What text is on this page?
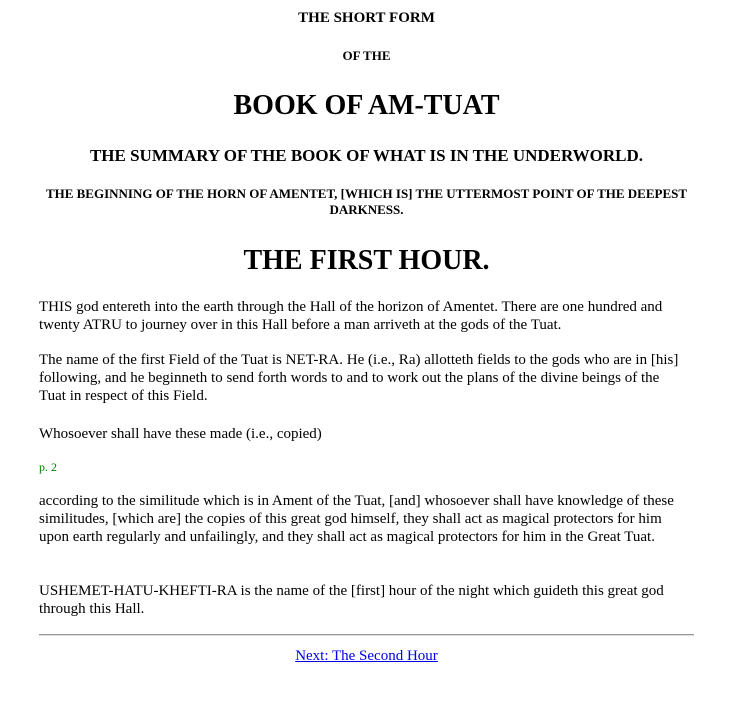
THE SHORT FORM
OF THE
BOOK OF AM-TUAT
THE SUMMARY OF THE BOOK OF WHAT IS IN THE UNDERWORLD.
THE BEGINNING OF THE HORN OF AMENTET, [WHICH IS] THE UTTERMOST POINT OF THE DEEPEST DARKNESS.
THE FIRST HOUR.

THIS god entereth into the earth through the Hall of the horizon of Amentet. There are one hundred and twenty ATRU to journey over in this Hall before a man arriveth at the gods of the Tuat.

The name of the first Field of the Tuat is NET-RA. He (i.e., Ra) allotteth fields to the gods who are in [his] following, and he beginneth to send forth words to and to work out the plans of the divine beings of the Tuat in respect of this Field.

Whosoever shall have these made (i.e., copied)

p. 2

according to the similitude which is in Ament of the Tuat, [and] whosoever shall have knowledge of these similitudes, [which are] the copies of this great god himself, they shall act as magical protectors for him upon earth regularly and unfailingly, and they shall act as magical protectors for him in the Great Tuat.

USHEMET-HATU-KHEFTI-RA is the name of the [first] hour of the night which guideth this great god through this Hall.

Next: The Second Hour
